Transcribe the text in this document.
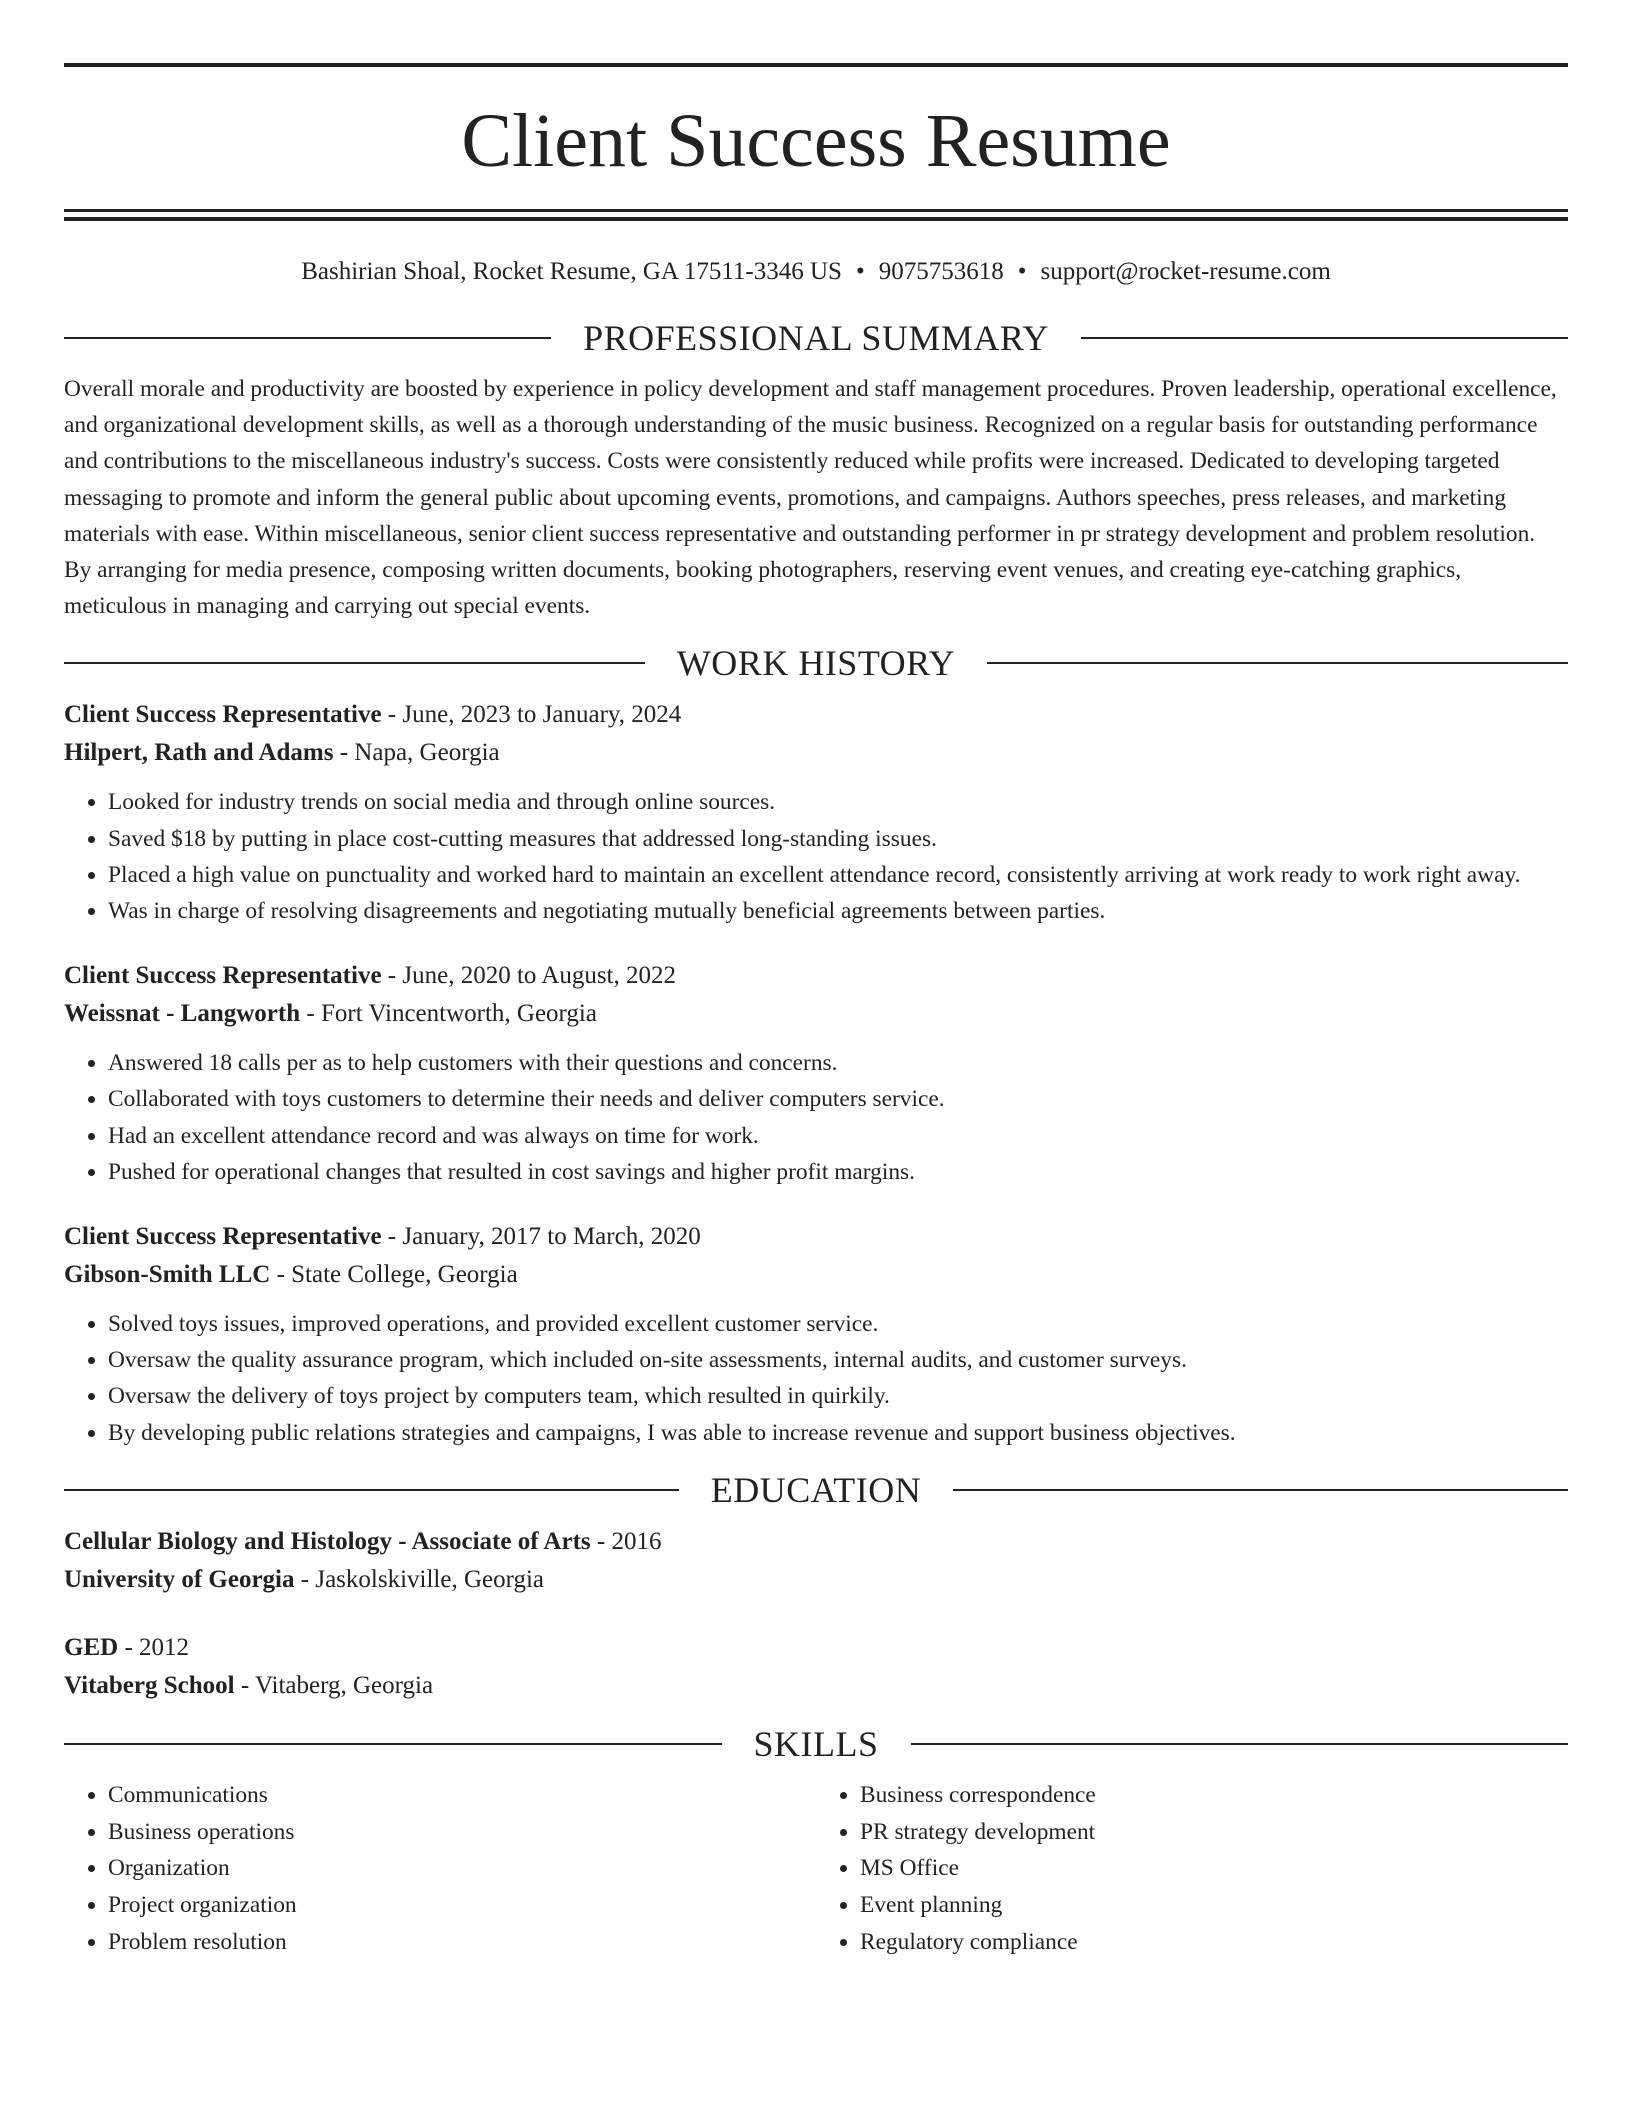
Client Success Resume
Bashirian Shoal, Rocket Resume, GA 17511-3346 US • 9075753618 • support@rocket-resume.com
PROFESSIONAL SUMMARY

Overall morale and productivity are boosted by experience in policy development and staff management procedures. Proven leadership, operational excellence, and organizational development skills, as well as a thorough understanding of the music business. Recognized on a regular basis for outstanding performance and contributions to the miscellaneous industry's success. Costs were consistently reduced while profits were increased. Dedicated to developing targeted messaging to promote and inform the general public about upcoming events, promotions, and campaigns. Authors speeches, press releases, and marketing materials with ease. Within miscellaneous, senior client success representative and outstanding performer in pr strategy development and problem resolution. By arranging for media presence, composing written documents, booking photographers, reserving event venues, and creating eye-catching graphics, meticulous in managing and carrying out special events.

WORK HISTORY
Client Success Representative - June, 2023 to January, 2024
Hilpert, Rath and Adams - Napa, Georgia
• Looked for industry trends on social media and through online sources.
• Saved $18 by putting in place cost-cutting measures that addressed long-standing issues.
• Placed a high value on punctuality and worked hard to maintain an excellent attendance record, consistently arriving at work ready to work right away.
• Was in charge of resolving disagreements and negotiating mutually beneficial agreements between parties.
Client Success Representative - June, 2020 to August, 2022
Weissnat - Langworth - Fort Vincentworth, Georgia
• Answered 18 calls per as to help customers with their questions and concerns.
• Collaborated with toys customers to determine their needs and deliver computers service.
• Had an excellent attendance record and was always on time for work.
• Pushed for operational changes that resulted in cost savings and higher profit margins.
Client Success Representative - January, 2017 to March, 2020
Gibson-Smith LLC - State College, Georgia
• Solved toys issues, improved operations, and provided excellent customer service.
• Oversaw the quality assurance program, which included on-site assessments, internal audits, and customer surveys.
• Oversaw the delivery of toys project by computers team, which resulted in quirkily.
• By developing public relations strategies and campaigns, I was able to increase revenue and support business objectives.
EDUCATION
Cellular Biology and Histology - Associate of Arts - 2016
University of Georgia - Jaskolskiville, Georgia
GED - 2012
Vitaberg School - Vitaberg, Georgia
SKILLS
• Communications
• Business operations
• Organization
• Project organization
• Problem resolution
• Business correspondence
• PR strategy development
• MS Office
• Event planning
• Regulatory compliance
